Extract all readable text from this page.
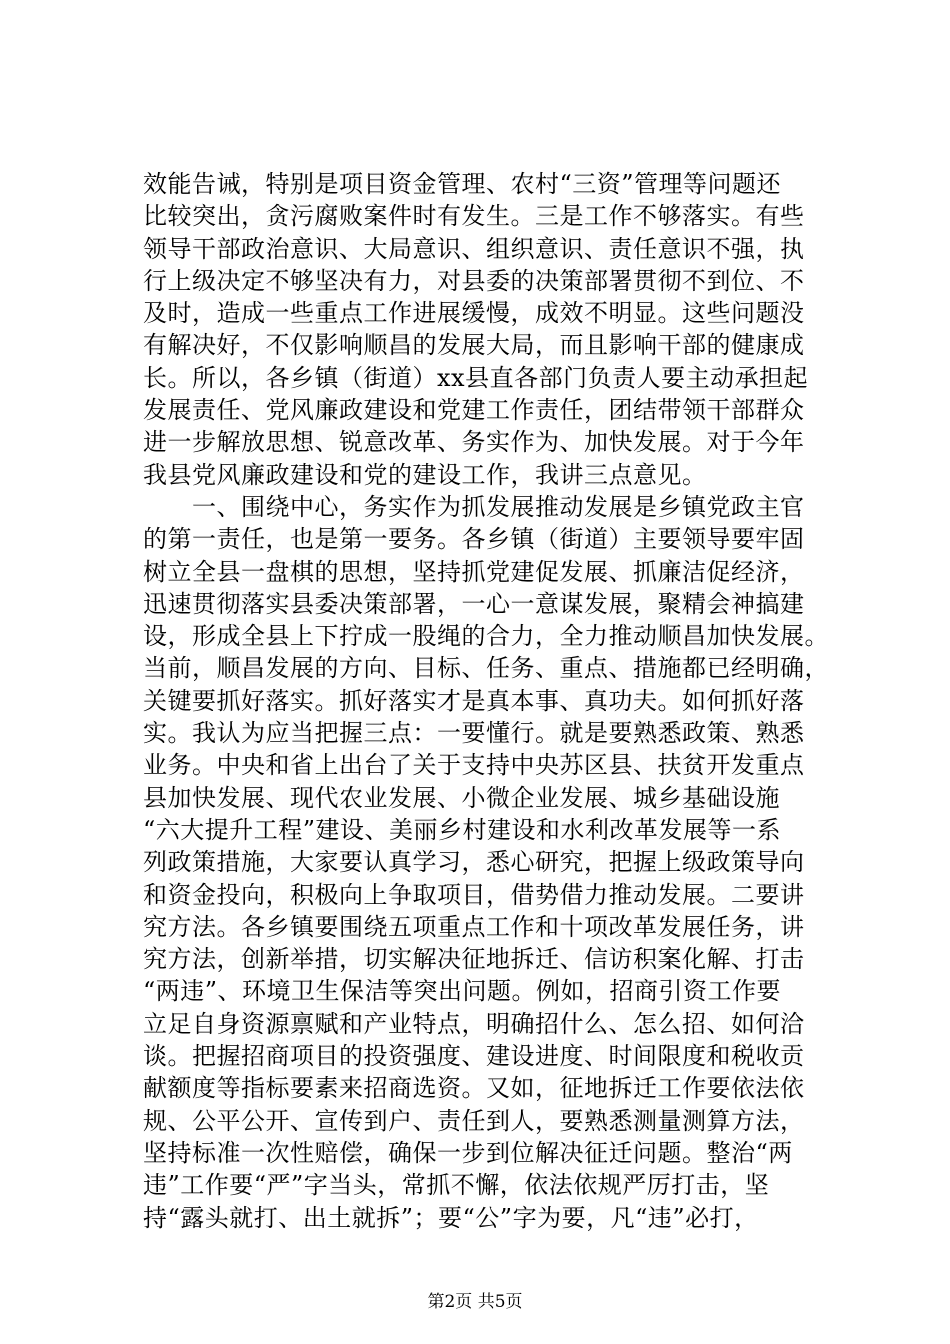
效能告诫，特别是项目资金管理、农村“三资”管理等问题还
比较突出，贪污腐败案件时有发生。三是工作不够落实。有些
领导干部政治意识、大局意识、组织意识、责任意识不强，执
行上级决定不够坚决有力，对县委的决策部署贯彻不到位、不
及时，造成一些重点工作进展缓慢，成效不明显。这些问题没
有解决好，不仅影响顺昌的发展大局，而且影响干部的健康成
长。所以，各乡镇（街道）xx县直各部门负责人要主动承担起
发展责任、党风廉政建设和党建工作责任，团结带领干部群众
进一步解放思想、锐意改革、务实作为、加快发展。对于今年
我县党风廉政建设和党的建设工作，我讲三点意见。
　　一、围绕中心，务实作为抓发展推动发展是乡镇党政主官
的第一责任，也是第一要务。各乡镇（街道）主要领导要牢固
树立全县一盘棋的思想，坚持抓党建促发展、抓廉洁促经济，
迅速贯彻落实县委决策部署，一心一意谋发展，聚精会神搞建
设，形成全县上下拧成一股绳的合力，全力推动顺昌加快发展。
当前，顺昌发展的方向、目标、任务、重点、措施都已经明确，
关键要抓好落实。抓好落实才是真本事、真功夫。如何抓好落
实。我认为应当把握三点：一要懂行。就是要熟悉政策、熟悉
业务。中央和省上出台了关于支持中央苏区县、扶贫开发重点
县加快发展、现代农业发展、小微企业发展、城乡基础设施
“六大提升工程”建设、美丽乡村建设和水利改革发展等一系
列政策措施，大家要认真学习，悉心研究，把握上级政策导向
和资金投向，积极向上争取项目，借势借力推动发展。二要讲
究方法。各乡镇要围绕五项重点工作和十项改革发展任务，讲
究方法，创新举措，切实解决征地拆迁、信访积案化解、打击
“两违”、环境卫生保洁等突出问题。例如，招商引资工作要
立足自身资源禀赋和产业特点，明确招什么、怎么招、如何洽
谈。把握招商项目的投资强度、建设进度、时间限度和税收贡
献额度等指标要素来招商选资。又如，征地拆迁工作要依法依
规、公平公开、宣传到户、责任到人，要熟悉测量测算方法，
坚持标准一次性赔偿，确保一步到位解决征迁问题。整治“两
违”工作要“严”字当头，常抓不懈，依法依规严厉打击，坚
持“露头就打、出土就拆”；要“公”字为要，凡“违”必打，
第2页 共5页
